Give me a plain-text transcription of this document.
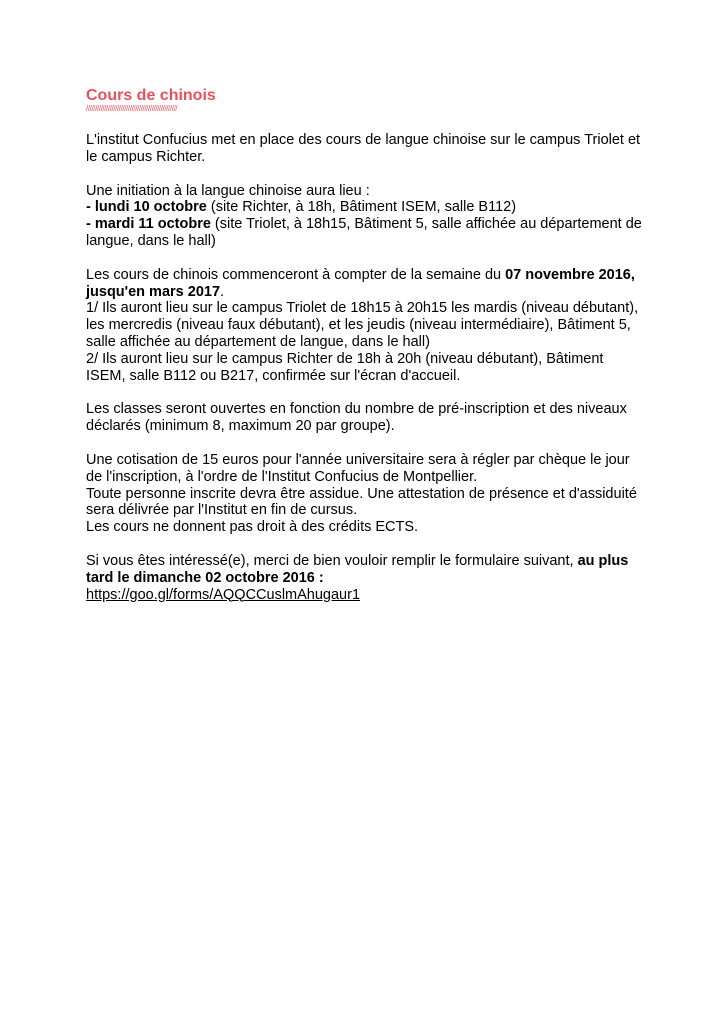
Cours de chinois
//////////////////////////////////////////////////

L'institut Confucius met en place des cours de langue chinoise sur le campus Triolet et le campus Richter.

Une initiation à la langue chinoise aura lieu :
- lundi 10 octobre (site Richter, à 18h, Bâtiment ISEM, salle B112)
- mardi 11 octobre (site Triolet, à 18h15, Bâtiment 5, salle affichée au département de langue, dans le hall)
Les cours de chinois commenceront à compter de la semaine du 07 novembre 2016, jusqu'en mars 2017.
1/ Ils auront lieu sur le campus Triolet de 18h15 à 20h15 les mardis (niveau débutant), les mercredis (niveau faux débutant), et les jeudis (niveau intermédiaire), Bâtiment 5, salle affichée au département de langue, dans le hall)
2/ Ils auront lieu sur le campus Richter de 18h à 20h (niveau débutant), Bâtiment ISEM, salle B112 ou B217, confirmée sur l'écran d'accueil.

Les classes seront ouvertes en fonction du nombre de pré-inscription et des niveaux déclarés (minimum 8, maximum 20 par groupe).

Une cotisation de 15 euros pour l'année universitaire sera à régler par chèque le jour de l'inscription, à l'ordre de l'Institut Confucius de Montpellier.
Toute personne inscrite devra être assidue. Une attestation de présence et d'assiduité sera délivrée par l'Institut en fin de cursus.
Les cours ne donnent pas droit à des crédits ECTS.
Si vous êtes intéressé(e), merci de bien vouloir remplir le formulaire suivant, au plus tard le dimanche 02 octobre 2016 :
https://goo.gl/forms/AQQCCuslmAhugaur1
